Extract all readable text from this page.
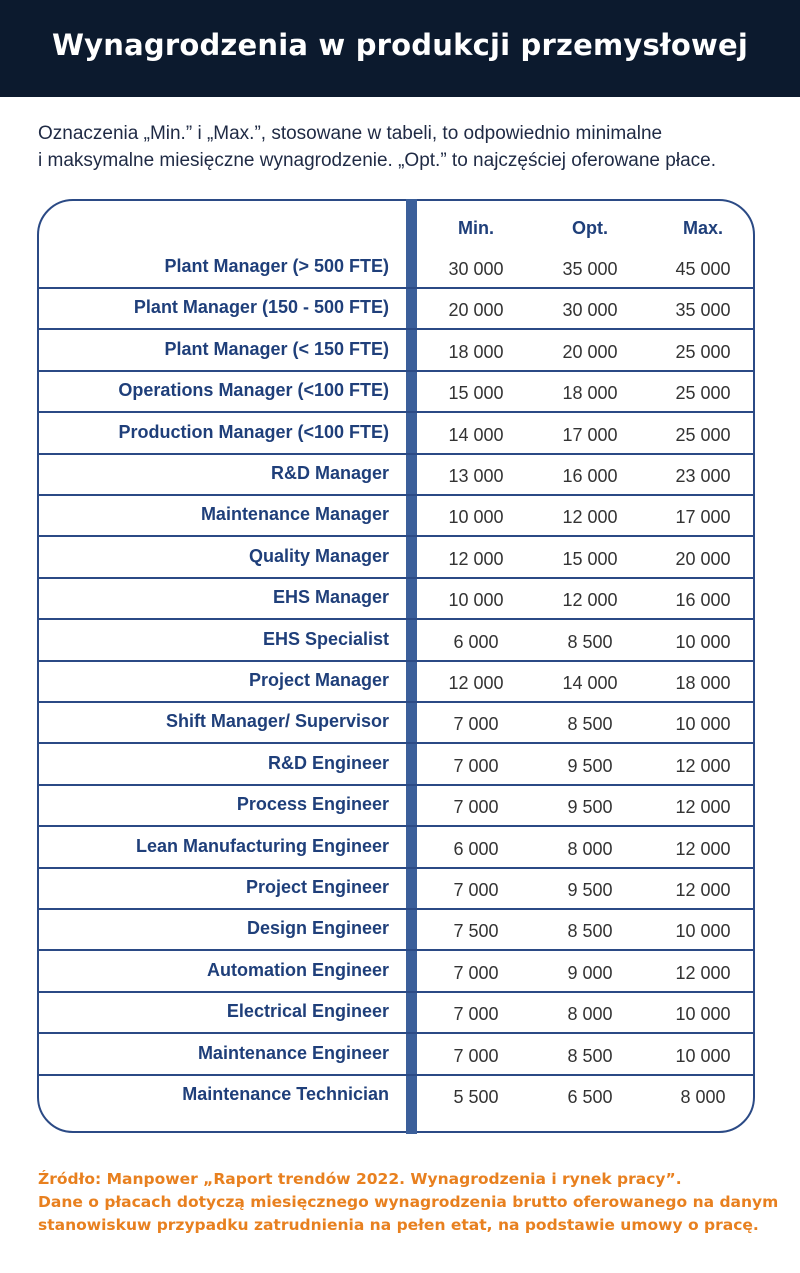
Wynagrodzenia w produkcji przemysłowej
Oznaczenia „Min.” i „Max.”, stosowane w tabeli, to odpowiednio minimalne
i maksymalne miesięczne wynagrodzenie. „Opt.” to najczęściej oferowane płace.
Min.	Opt.	Max.
Plant Manager (> 500 FTE)	30 000	35 000	45 000
Plant Manager (150 - 500 FTE)	20 000	30 000	35 000
Plant Manager (< 150 FTE)	18 000	20 000	25 000
Operations Manager (<100 FTE)	15 000	18 000	25 000
Production Manager (<100 FTE)	14 000	17 000	25 000
R&D Manager	13 000	16 000	23 000
Maintenance Manager	10 000	12 000	17 000
Quality Manager	12 000	15 000	20 000
EHS Manager	10 000	12 000	16 000
EHS Specialist	6 000	8 500	10 000
Project Manager	12 000	14 000	18 000
Shift Manager/ Supervisor	7 000	8 500	10 000
R&D Engineer	7 000	9 500	12 000
Process Engineer	7 000	9 500	12 000
Lean Manufacturing Engineer	6 000	8 000	12 000
Project Engineer	7 000	9 500	12 000
Design Engineer	7 500	8 500	10 000
Automation Engineer	7 000	9 000	12 000
Electrical Engineer	7 000	8 000	10 000
Maintenance Engineer	7 000	8 500	10 000
Maintenance Technician	5 500	6 500	8 000
Źródło: Manpower „Raport trendów 2022. Wynagrodzenia i rynek pracy”.
Dane o płacach dotyczą miesięcznego wynagrodzenia brutto oferowanego na danym
stanowiskuw przypadku zatrudnienia na pełen etat, na podstawie umowy o pracę.
